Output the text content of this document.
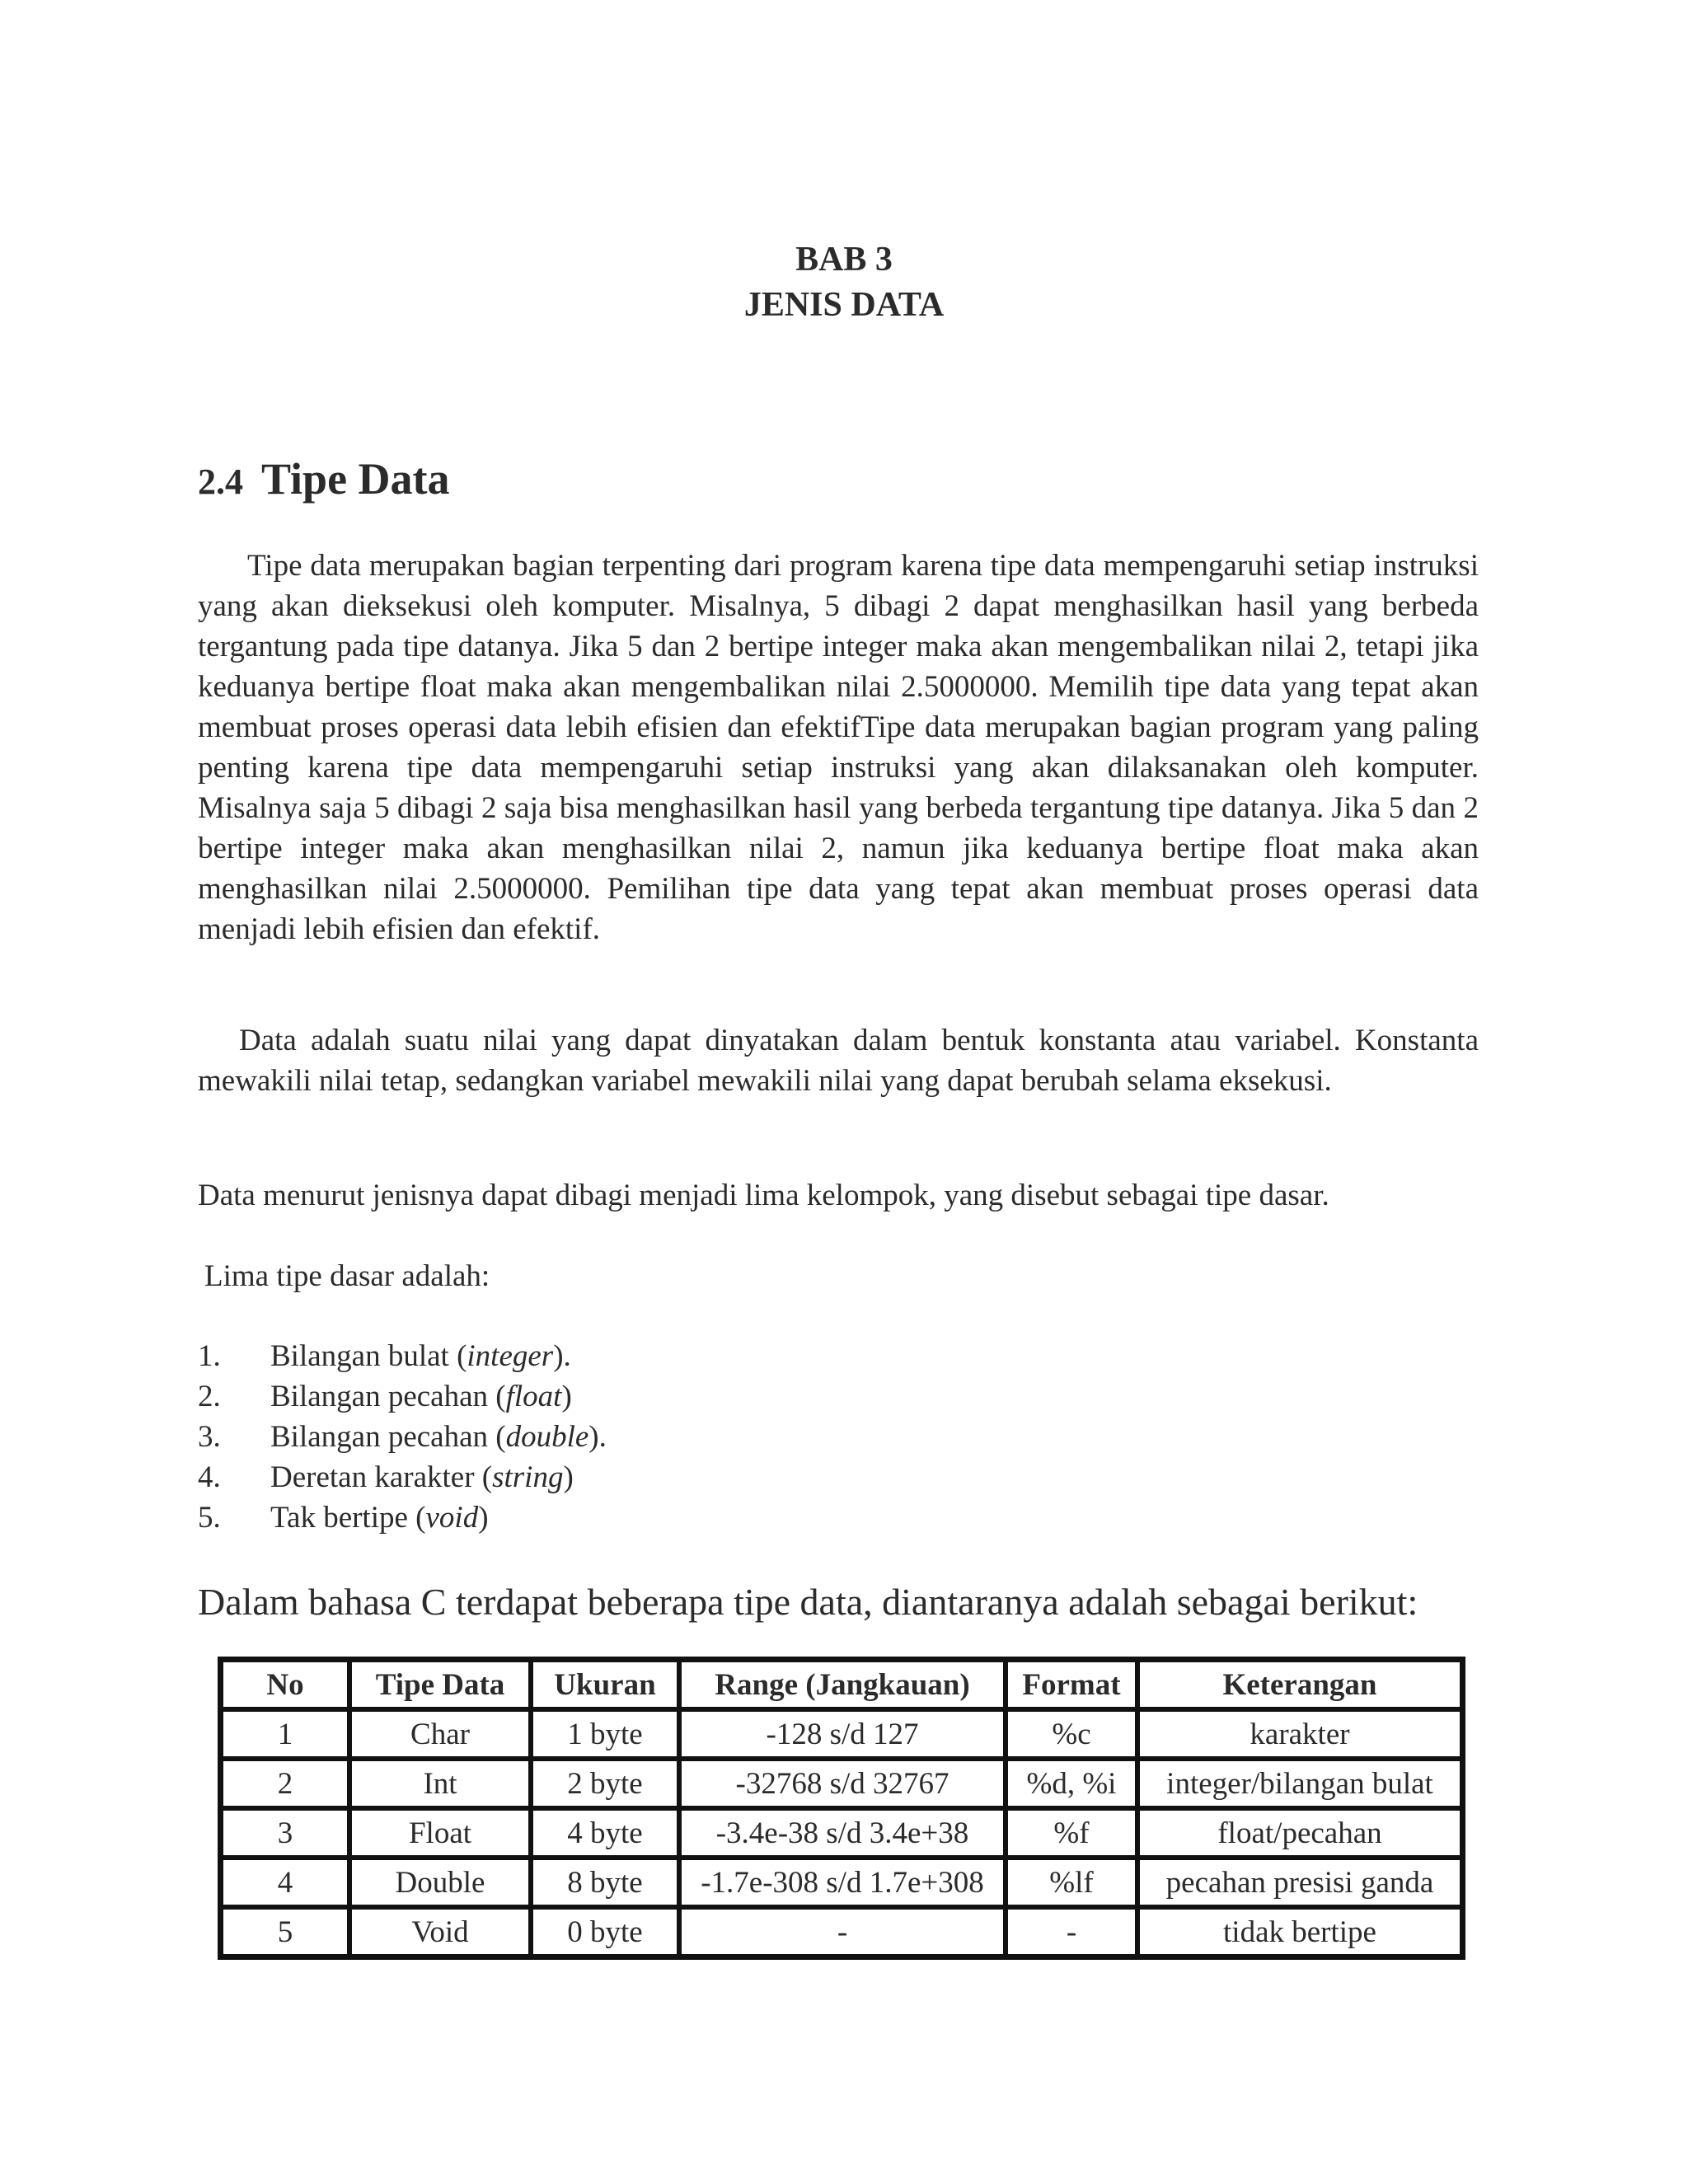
BAB 3
JENIS DATA
2.4 Tipe Data

Tipe data merupakan bagian terpenting dari program karena tipe data mempengaruhi setiap instruksi yang akan dieksekusi oleh komputer. Misalnya, 5 dibagi 2 dapat menghasilkan hasil yang berbeda tergantung pada tipe datanya. Jika 5 dan 2 bertipe integer maka akan mengembalikan nilai 2, tetapi jika keduanya bertipe float maka akan mengembalikan nilai 2.5000000. Memilih tipe data yang tepat akan membuat proses operasi data lebih efisien dan efektifTipe data merupakan bagian program yang paling penting karena tipe data mempengaruhi setiap instruksi yang akan dilaksanakan oleh komputer. Misalnya saja 5 dibagi 2 saja bisa menghasilkan hasil yang berbeda tergantung tipe datanya. Jika 5 dan 2 bertipe integer maka akan menghasilkan nilai 2, namun jika keduanya bertipe float maka akan menghasilkan nilai 2.5000000. Pemilihan tipe data yang tepat akan membuat proses operasi data menjadi lebih efisien dan efektif.

Data adalah suatu nilai yang dapat dinyatakan dalam bentuk konstanta atau variabel. Konstanta mewakili nilai tetap, sedangkan variabel mewakili nilai yang dapat berubah selama eksekusi.

Data menurut jenisnya dapat dibagi menjadi lima kelompok, yang disebut sebagai tipe dasar.

Lima tipe dasar adalah:

1. Bilangan bulat (integer).
2. Bilangan pecahan (float)
3. Bilangan pecahan (double).
4. Deretan karakter (string)
5. Tak bertipe (void)
Dalam bahasa C terdapat beberapa tipe data, diantaranya adalah sebagai berikut:
No	Tipe Data	Ukuran	Range (Jangkauan)	Format	Keterangan
1	Char	1 byte	-128 s/d 127	%c	karakter
2	Int	2 byte	-32768 s/d 32767	%d, %i	integer/bilangan bulat
3	Float	4 byte	-3.4e-38 s/d 3.4e+38	%f	float/pecahan
4	Double	8 byte	-1.7e-308 s/d 1.7e+308	%lf	pecahan presisi ganda
5	Void	0 byte	-	-	tidak bertipe
